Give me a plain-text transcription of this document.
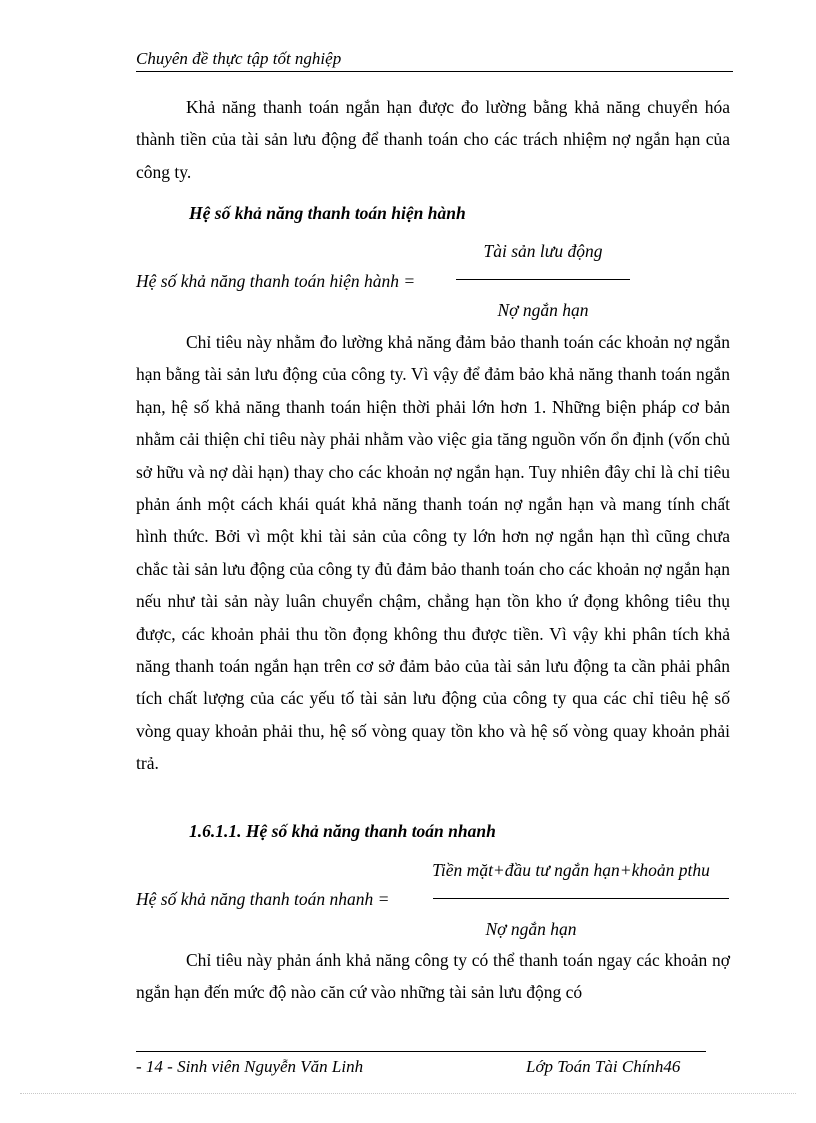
Chuyên đề thực tập tốt nghiệp

Khả năng thanh toán ngắn hạn được đo lường bằng khả năng chuyển hóa thành tiền của tài sản lưu động để thanh toán cho các trách nhiệm nợ ngắn hạn của công ty.

Hệ số khả năng thanh toán hiện hành
Hệ số khả năng thanh toán hiện hành =
Tài sản lưu động
Nợ ngắn hạn

Chỉ tiêu này nhằm đo lường khả năng đảm bảo thanh toán các khoản nợ ngắn hạn bằng tài sản lưu động của công ty. Vì vậy để đảm bảo khả năng thanh toán ngắn hạn, hệ số khả năng thanh toán hiện thời phải lớn hơn 1. Những biện pháp cơ bản nhằm cải thiện chỉ tiêu này phải nhằm vào việc gia tăng nguồn vốn ổn định (vốn chủ sở hữu và nợ dài hạn) thay cho các khoản nợ ngắn hạn. Tuy nhiên đây chỉ là chỉ tiêu phản ánh một cách khái quát khả năng thanh toán nợ ngắn hạn và mang tính chất hình thức. Bởi vì một khi tài sản của công ty lớn hơn nợ ngắn hạn thì cũng chưa chắc tài sản lưu động của công ty đủ đảm bảo thanh toán cho các khoản nợ ngắn hạn nếu như tài sản này luân chuyển chậm, chẳng hạn tồn kho ứ đọng không tiêu thụ được, các khoản phải thu tồn đọng không thu được tiền. Vì vậy khi phân tích khả năng thanh toán ngắn hạn trên cơ sở đảm bảo của tài sản lưu động ta cần phải phân tích chất lượng của các yếu tố tài sản lưu động của công ty qua các chỉ tiêu hệ số vòng quay khoản phải thu, hệ số vòng quay tồn kho và hệ số vòng quay khoản phải trả.

1.6.1.1. Hệ số khả năng thanh toán nhanh
Hệ số khả năng thanh toán nhanh =
Tiền mặt+đầu tư ngắn hạn+khoản pthu
Nợ ngắn hạn

Chỉ tiêu này phản ánh khả năng công ty có thể thanh toán ngay các khoản nợ ngắn hạn đến mức độ nào căn cứ vào những tài sản lưu động có

- 14 - Sinh viên Nguyễn Văn Linh	Lớp Toán Tài Chính46
